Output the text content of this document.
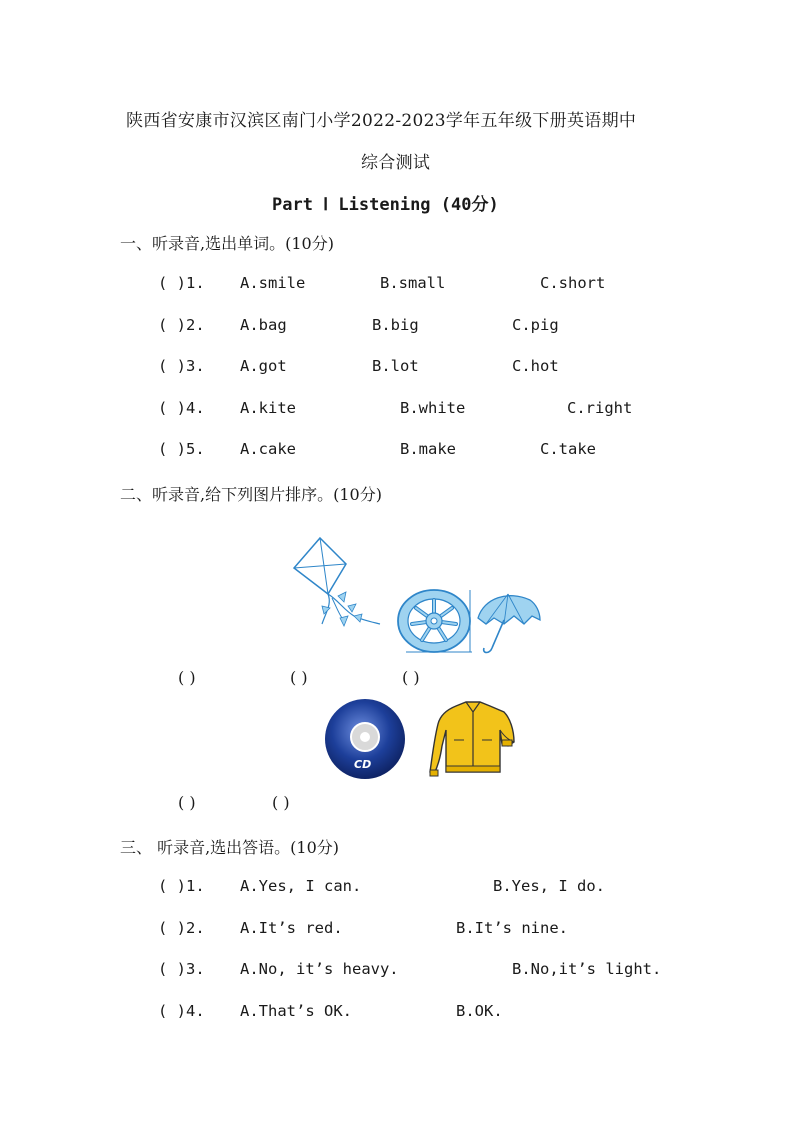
陕西省安康市汉滨区南门小学2022-2023学年五年级下册英语期中
综合测试
Part Ⅰ Listening (40分)
一、听录音,选出单词。(10分)
( )1. A.smile	B.small	C.short
( )2. A.bag	B.big	C.pig
( )3. A.got	B.lot	C.hot
( )4. A.kite	B.white	C.right
( )5. A.cake	B.make	C.take
二、听录音,给下列图片排序。(10分)
( )	( )	( )
CD
( )	( )
三、 听录音,选出答语。(10分)
( )1. A.Yes, I can.	B.Yes, I do.
( )2. A.It’s red.	B.It’s nine.
( )3. A.No, it’s heavy.	B.No,it’s light.
( )4. A.That’s OK.	B.OK.
